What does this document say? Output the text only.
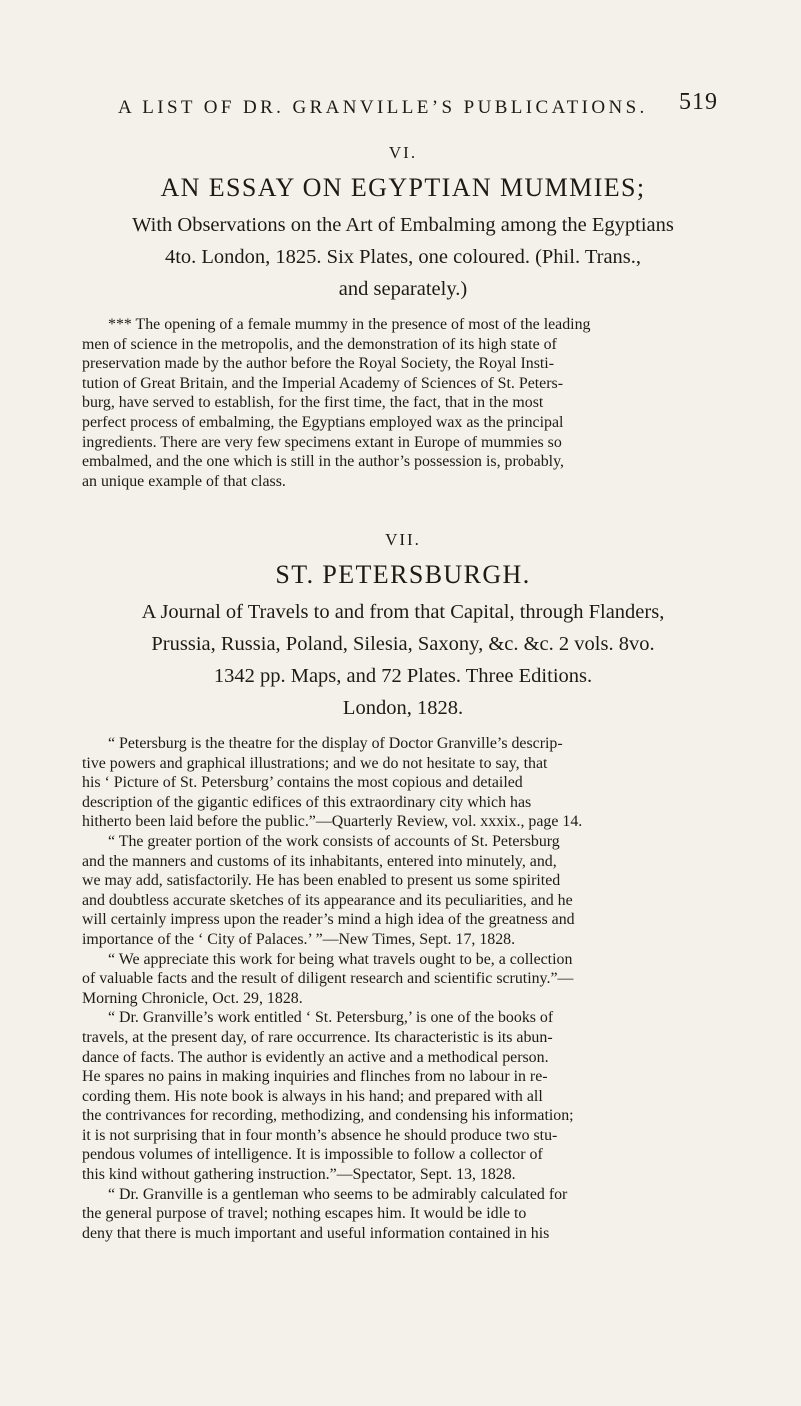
A LIST OF DR. GRANVILLE’S PUBLICATIONS. 519

VI.

AN ESSAY ON EGYPTIAN MUMMIES;

With Observations on the Art of Embalming among the Egyptians
4to. London, 1825. Six Plates, one coloured. (Phil. Trans.,
and separately.)
*** The opening of a female mummy in the presence of most of the leading
men of science in the metropolis, and the demonstration of its high state of
preservation made by the author before the Royal Society, the Royal Insti-
tution of Great Britain, and the Imperial Academy of Sciences of St. Peters-
burg, have served to establish, for the first time, the fact, that in the most
perfect process of embalming, the Egyptians employed wax as the principal
ingredients. There are very few specimens extant in Europe of mummies so
embalmed, and the one which is still in the author’s possession is, probably,
an unique example of that class.

VII.

ST. PETERSBURGH.

A Journal of Travels to and from that Capital, through Flanders,
Prussia, Russia, Poland, Silesia, Saxony, &c. &c. 2 vols. 8vo.
1342 pp. Maps, and 72 Plates. Three Editions.
London, 1828.
“ Petersburg is the theatre for the display of Doctor Granville’s descrip-
tive powers and graphical illustrations; and we do not hesitate to say, that
his ‘ Picture of St. Petersburg’ contains the most copious and detailed
description of the gigantic edifices of this extraordinary city which has
hitherto been laid before the public.”—Quarterly Review, vol. xxxix., page 14.
“ The greater portion of the work consists of accounts of St. Petersburg
and the manners and customs of its inhabitants, entered into minutely, and,
we may add, satisfactorily. He has been enabled to present us some spirited
and doubtless accurate sketches of its appearance and its peculiarities, and he
will certainly impress upon the reader’s mind a high idea of the greatness and
importance of the ‘ City of Palaces.’ ”—New Times, Sept. 17, 1828.
“ We appreciate this work for being what travels ought to be, a collection
of valuable facts and the result of diligent research and scientific scrutiny.”—
Morning Chronicle, Oct. 29, 1828.
“ Dr. Granville’s work entitled ‘ St. Petersburg,’ is one of the books of
travels, at the present day, of rare occurrence. Its characteristic is its abun-
dance of facts. The author is evidently an active and a methodical person.
He spares no pains in making inquiries and flinches from no labour in re-
cording them. His note book is always in his hand; and prepared with all
the contrivances for recording, methodizing, and condensing his information;
it is not surprising that in four month’s absence he should produce two stu-
pendous volumes of intelligence. It is impossible to follow a collector of
this kind without gathering instruction.”—Spectator, Sept. 13, 1828.
“ Dr. Granville is a gentleman who seems to be admirably calculated for
the general purpose of travel; nothing escapes him. It would be idle to
deny that there is much important and useful information contained in his
